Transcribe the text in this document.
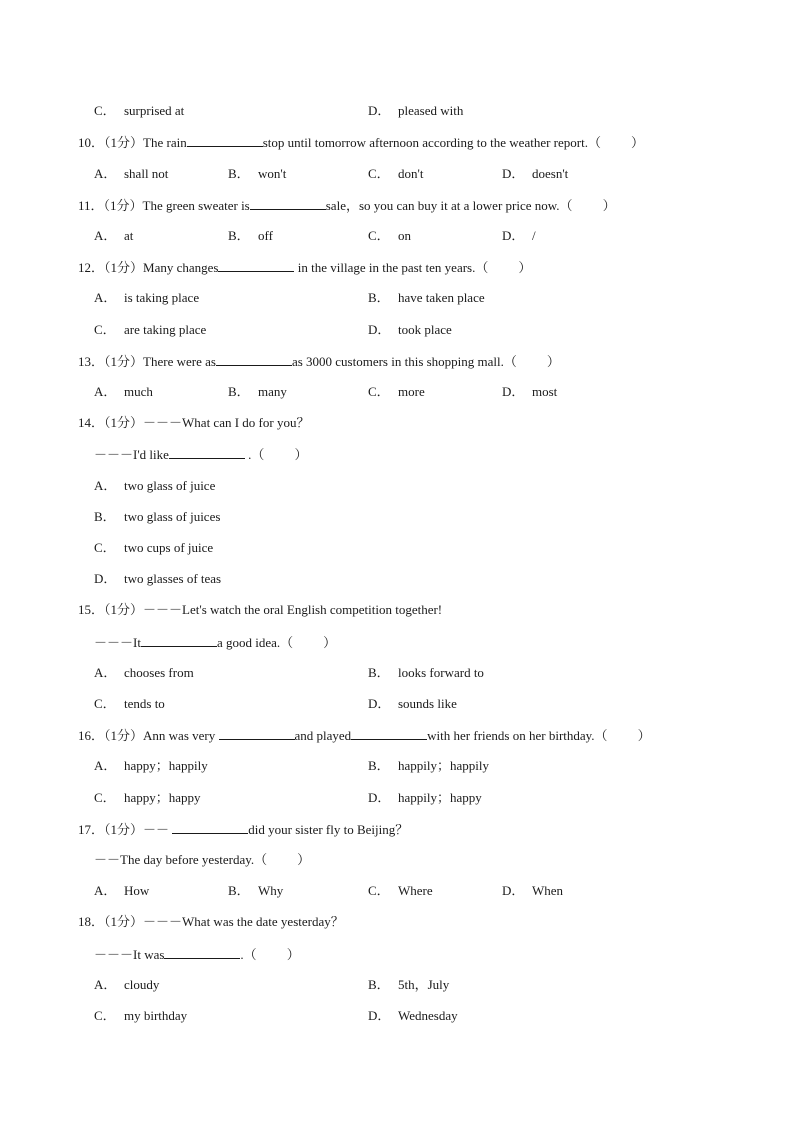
C． surprised at	D． pleased with
10．（1分）The rain	stop until tomorrow afternoon according to the weather report.（ ）
A． shall not	B． won't	C． don't	D． doesn't
11．（1分）The green sweater is	sale，so you can buy it at a lower price now.（ ）
A． at	B． off	C． on	D． /
12．（1分）Many changes	in the village in the past ten years.（ ）
A． is taking place	B． have taken place
C． are taking place	D． took place
13．（1分）There were as	as 3000 customers in this shopping mall.（ ）
A． much	B． many	C． more	D． most
14．（1分）－－－What can I do for you？
－－－I'd like	.（ ）
A． two glass of juice
B． two glass of juices
C． two cups of juice
D． two glasses of teas
15．（1分）－－－Let's watch the oral English competition together!
－－－It	a good idea.（ ）
A． chooses from	B． looks forward to
C． tends to	D． sounds like
16．（1分）Ann was very	and played	with her friends on her birthday.（ ）
A． happy；happily	B． happily；happily
C． happy；happy	D． happily；happy
17．（1分）－－	did your sister fly to Beijing？
－－The day before yesterday.（ ）
A． How	B． Why	C． Where	D． When
18．（1分）－－－What was the date yesterday？
－－－It was	.（ ）
A． cloudy	B． 5th，July
C． my birthday	D． Wednesday
